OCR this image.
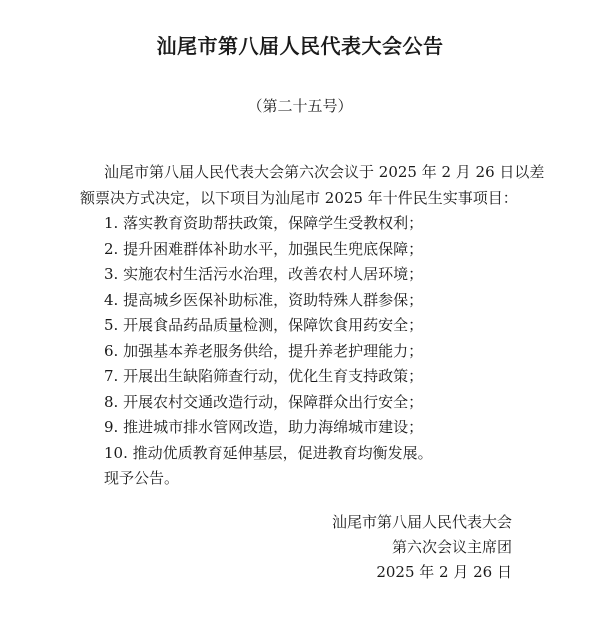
汕尾市第八届人民代表大会公告

（第二十五号）

汕尾市第八届人民代表大会第六次会议于 2025 年 2 月 26 日以差额票决方式决定，以下项目为汕尾市 2025 年十件民生实事项目：

1. 落实教育资助帮扶政策，保障学生受教权利；
2. 提升困难群体补助水平，加强民生兜底保障；
3. 实施农村生活污水治理，改善农村人居环境；
4. 提高城乡医保补助标准，资助特殊人群参保；
5. 开展食品药品质量检测，保障饮食用药安全；
6. 加强基本养老服务供给，提升养老护理能力；
7. 开展出生缺陷筛查行动，优化生育支持政策；
8. 开展农村交通改造行动，保障群众出行安全；
9. 推进城市排水管网改造，助力海绵城市建设；
10. 推动优质教育延伸基层，促进教育均衡发展。

现予公告。

汕尾市第八届人民代表大会
第六次会议主席团
2025 年 2 月 26 日
